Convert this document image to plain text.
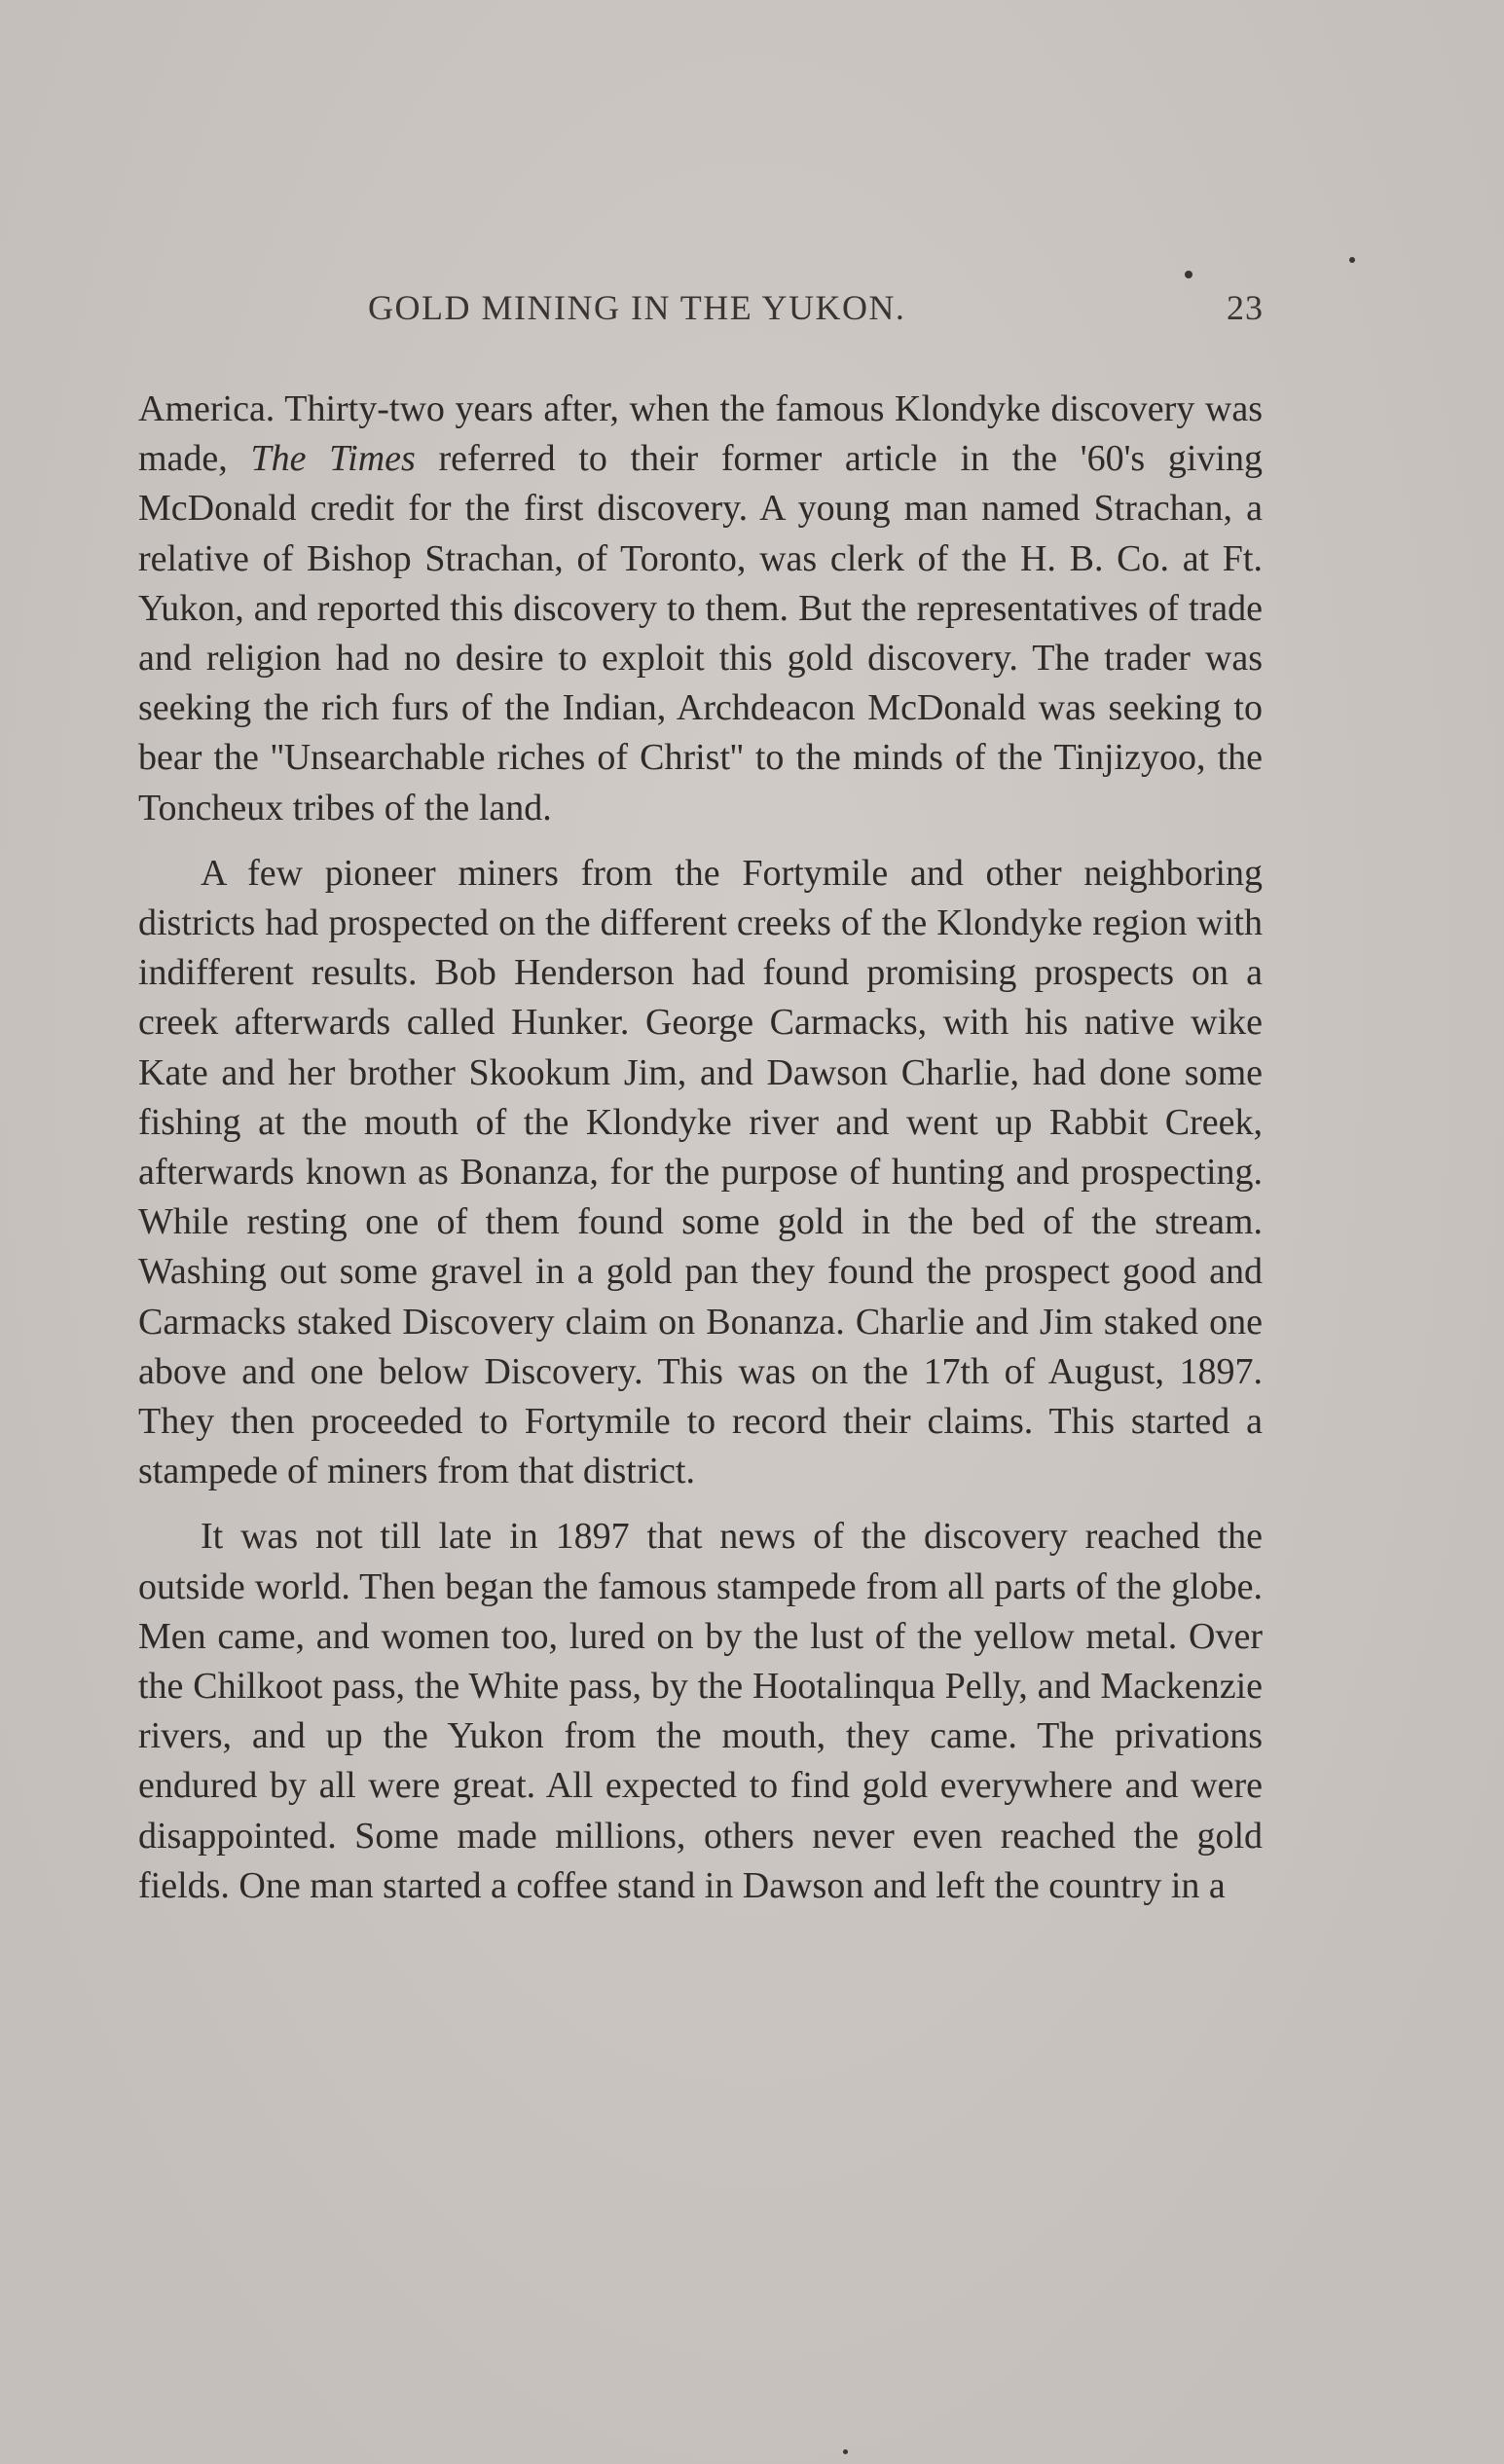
GOLD MINING IN THE YUKON.	23

America. Thirty-two years after, when the famous Klondyke discovery was made, The Times referred to their former article in the '60's giving McDonald credit for the first discovery. A young man named Strachan, a relative of Bishop Strachan, of Toronto, was clerk of the H. B. Co. at Ft. Yukon, and reported this discovery to them. But the representatives of trade and religion had no desire to exploit this gold discovery. The trader was seeking the rich furs of the Indian, Archdeacon McDonald was seeking to bear the ''Unsearchable riches of Christ'' to the minds of the Tinjizyoo, the Toncheux tribes of the land.

A few pioneer miners from the Fortymile and other neighboring districts had prospected on the different creeks of the Klondyke region with indifferent results. Bob Henderson had found promising prospects on a creek afterwards called Hunker. George Carmacks, with his native wike Kate and her brother Skookum Jim, and Dawson Charlie, had done some fishing at the mouth of the Klondyke river and went up Rabbit Creek, afterwards known as Bonanza, for the purpose of hunting and prospecting. While resting one of them found some gold in the bed of the stream. Washing out some gravel in a gold pan they found the prospect good and Carmacks staked Discovery claim on Bonanza. Charlie and Jim staked one above and one below Discovery. This was on the 17th of August, 1897. They then proceeded to Fortymile to record their claims. This started a stampede of miners from that district.

It was not till late in 1897 that news of the discovery reached the outside world. Then began the famous stampede from all parts of the globe. Men came, and women too, lured on by the lust of the yellow metal. Over the Chilkoot pass, the White pass, by the Hootalinqua Pelly, and Mackenzie rivers, and up the Yukon from the mouth, they came. The privations endured by all were great. All expected to find gold everywhere and were disappointed. Some made millions, others never even reached the gold fields. One man started a coffee stand in Dawson and left the country in a
